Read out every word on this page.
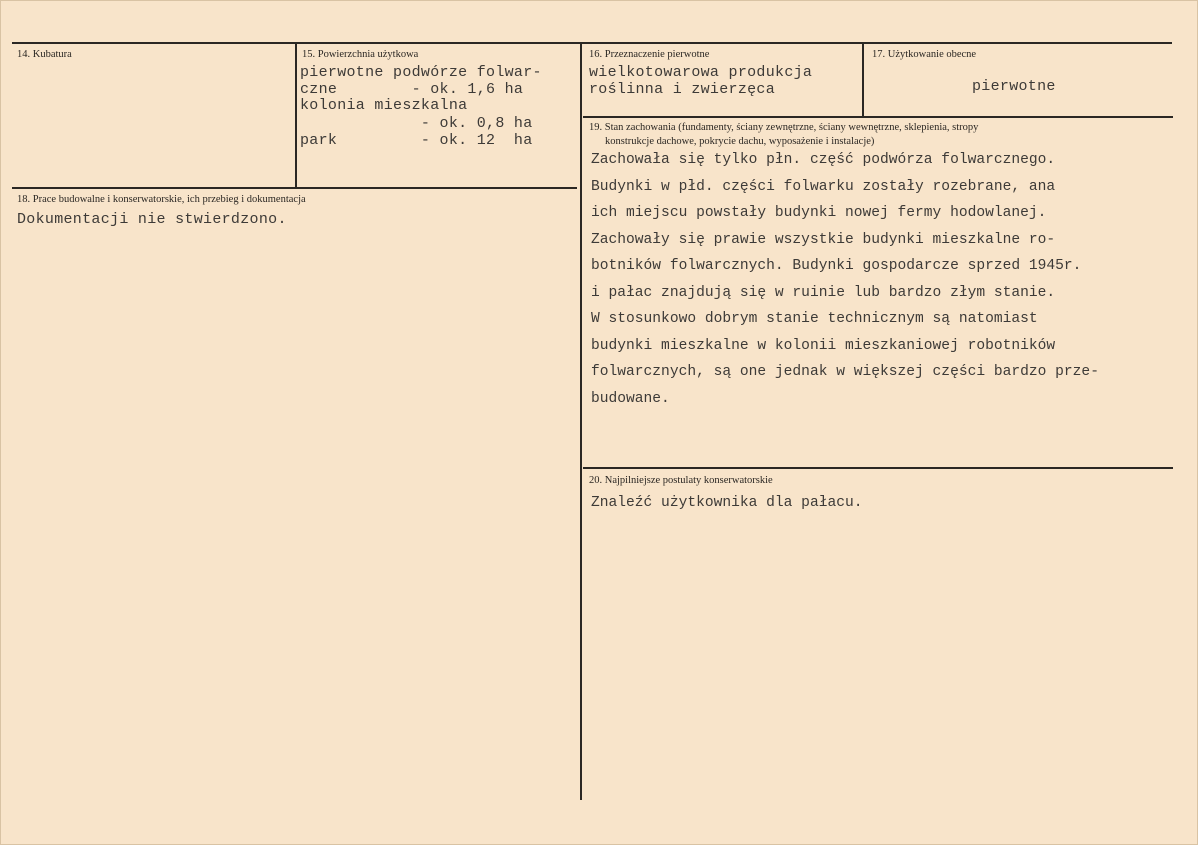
14. Kubatura	15. Powierzchnia użytkowa
pierwotne podwórze folwar-
czne        - ok. 1,6 ha
kolonia mieszkalna
- ok. 0,8 ha
park         - ok. 12  ha
16. Przeznaczenie pierwotne
wielkotowarowa produkcja
roślinna i zwierzęca
17. Użytkowanie obecne
pierwotne
18. Prace budowalne i konserwatorskie, ich przebieg i dokumentacja
Dokumentacji nie stwierdzono.
19. Stan zachowania (fundamenty, ściany zewnętrzne, ściany wewnętrzne, sklepienia, stropy
konstrukcje dachowe, pokrycie dachu, wyposażenie i instalacje)
Zachowała się tylko płn. część podwórza folwarcznego.
Budynki w płd. części folwarku zostały rozebrane, ana
ich miejscu powstały budynki nowej fermy hodowlanej.
Zachowały się prawie wszystkie budynki mieszkalne ro-
botników folwarcznych. Budynki gospodarcze sprzed 1945r.
i pałac znajdują się w ruinie lub bardzo złym stanie.
W stosunkowo dobrym stanie technicznym są natomiast
budynki mieszkalne w kolonii mieszkaniowej robotników
folwarcznych, są one jednak w większej części bardzo prze-
budowane.
20. Najpilniejsze postulaty konserwatorskie
Znaleźć użytkownika dla pałacu.
